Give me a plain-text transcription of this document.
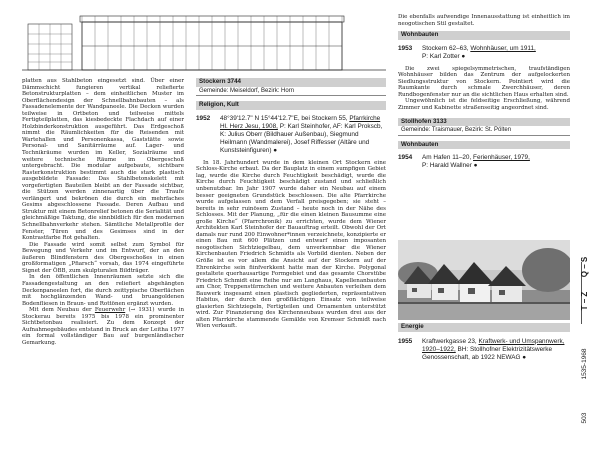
platten aus Stahlbeton eingesetzt sind. Über einer Dämmschicht fungieren vertikal reliefierte Betonstrukturplatten – dem einheitlichen Muster im Oberflächendesign der Schnellbahnbauten – als Fassadenelemente der Wandpaneele. Die Decken wurden teilweise in Ortbeton und teilweise mittels Fertigteilplatten, das kiesbedeckte Flachdach auf einer Holzbinderkonstruktion ausgeführt. Das Erdgeschoß nimmt die Räumlichkeiten für die Reisenden mit Wartehallen und Personenkassa, Gaststätte sowie Personal- und Sanitärräume auf. Lager- und Technikräume wurden im Keller, Sozialräume und weitere technische Räume im Obergeschoß untergebracht. Die modular aufgebaute, sichtbare Rasterkonstruktion bestimmt auch die stark plastisch ausgebildete Fassade: Das Stahlbetonskelett mit vorgefertigten Bauteilen bleibt an der Fassade sichtbar, die Stützen werden zinnenartig über die Traufe verlängert und bekrönen die durch ein mehrfaches Gesims abgeschlossene Fassade. Deren Aufbau und Struktur mit einem Betonrelief betonen die Serialität und gleichmäßige Taktung, die sinnbildlich für den modernen Schnellbahnverkehr stehen. Sämtliche Metallprofile der Fenster, Türen und des Gesimses sind in der Kontrastfarbe Rot gehalten.

Die Fassade wird somit selbst zum Symbol für Bewegung und Verkehr und im Entwurf, der an den äußeren Blindfenstern des Obergeschoßes in einen großformatigen „Pfiarsch“ vorsah, das 1974 eingeführte Signet der ÖBB, zum skulpturalen Bildträger.

In den öffentlichen Innenräumen setzte sich die Fassadengestaltung an den reliefiert abgehängten Deckenpaneelen fort, die durch zeittypische Oberflächen mit hochglänzenden Wand- und bruangoldenen Bodenfliesen in Braun- und Rottönen ergänzt wurden.

Mit dem Neubau der Feuerwehr (→ 1931) wurde in Stockerau bereits 1975 bis 1978 ein prominenter Sichtbetonbau realisiert. Zu dem Konzept der Aufnahmegebäudes entstand in Bruck an der Leitha 1977 ein formal vollständiger Bau auf burgenländischer Gemarkung.

Stockern 3744
Gemeinde: Meiseldorf, Bezirk: Horn
Religion, Kult
1952 48°39'12.7" N 15°44'12.7"E, bei Stockern 55, Pfarrkirche Hl. Herz Jesu, 1908, P: Karl Steinhofer, AF: Karl Prokscb, K: Julius Oberr (Bildhauer Außenbau), Siegmund Heilmann (Wandmalerei), Josef Riffesser (Altäre und Kunststeinfiguren) ●

In 18. Jahrhundert wurde in dem kleinen Ort Stockern eine Schloss-Kirche erbaut. Da der Bauplatz in einem sumpfigen Gebiet lag, wurde die Kirche durch Feuchtigkeit beschädigt, wurde die Kirche durch Feuchtigkeit beschädigt zustand und schließlich unbenutzbar. Im Jahr 1907 wurde daher ein Neubau auf einem besser geeigneten Grundstück beschlossen. Die alte Pfarrkirche wurde aufgelassen und dem Verfall preisgegeben; sie steht – bereits in sehr ruinösem Zustand – heute noch in der Nähe des Schlosses. Mit der Planung, „für die einen kleinen Bausumme eine große Kirche“ (Pfarrchronik) zu errichten, wurde dem Wiener Architekten Karl Steinhofer der Bauauftrag erteilt. Obwohl der Ort damals nur rund 200 Einwohner*innen verzeichnete, konzipierte er einen Bau mit 600 Plätzen und entwarf einen imposanten neogotischen Sichtziegelbau, dem unverkennbar die Wiener Kirchenbauten Friedrich Schmidts als Vorbild dienten. Neben der Größe ist es vor allem die Ansicht auf der Stockern auf der Ehrenkirche sein fiinfverkkent hatte man der Kirche. Polygonal gestaltete querhausartige Formgebiet und das gesamte Chorstübe Friedrich Schmidt eine Reihe nur am Langhaus, Kapellenanbauten am Chor, Treppenstürmchen und weitere Anbauten verleihen dem Bauwerk insgesamt einen plastisch gegliederten, repräsentativen Habitus, der durch den großflächigen Einsatz von teilweise glasierten Sichtziegeln, Fertigteilen und Ornamenten unterstützt wird. Zur Finanzierung des Kirchenneubaus wurden drei aus der alten Pfarrkirche stammende Gemälde von Kremser Schmidt nach Wien verkauft.

Die ebenfalls aufwendige Innenausstattung ist einheitlich im neogotischen Stil gestaltet.

Wohnbauten
1953 Stockern 62–63, Wohnhäuser, um 1911,
P: Karl Zotter ●

Die zwei spiegelsymmetrischen, traufständigen Wohnhäuser bilden das Zentrum der aufgelockerten Siedlungsstruktur von Stockern. Pointiert wird die Raumkante durch schmale Zwerchhäuser, deren Rundbogenfenster nur an die sichtlichen Haus erhalten sind.

Ungewöhnlich ist die feldseitige Erschließung, während Zimmer und Kabinette straßenseitig angeordnet sind.

Stollhofen 3133
Gemeinde: Traismauer, Bezirk: St. Pölten
Wohnbauten
1954 Am Hafen 11–20, Ferienhäuser, 1979,
P: Harald Wallner ●
Energie
1955 Kraftwerkgasse 23, Kraftwerk- und Umspannwerk, 1920–1922, BH: Stollhofner Elektrizitätswerke Genossenschaft, ab 1922 NEWAG ●
Q – S
T – Z
1535-1968
503
